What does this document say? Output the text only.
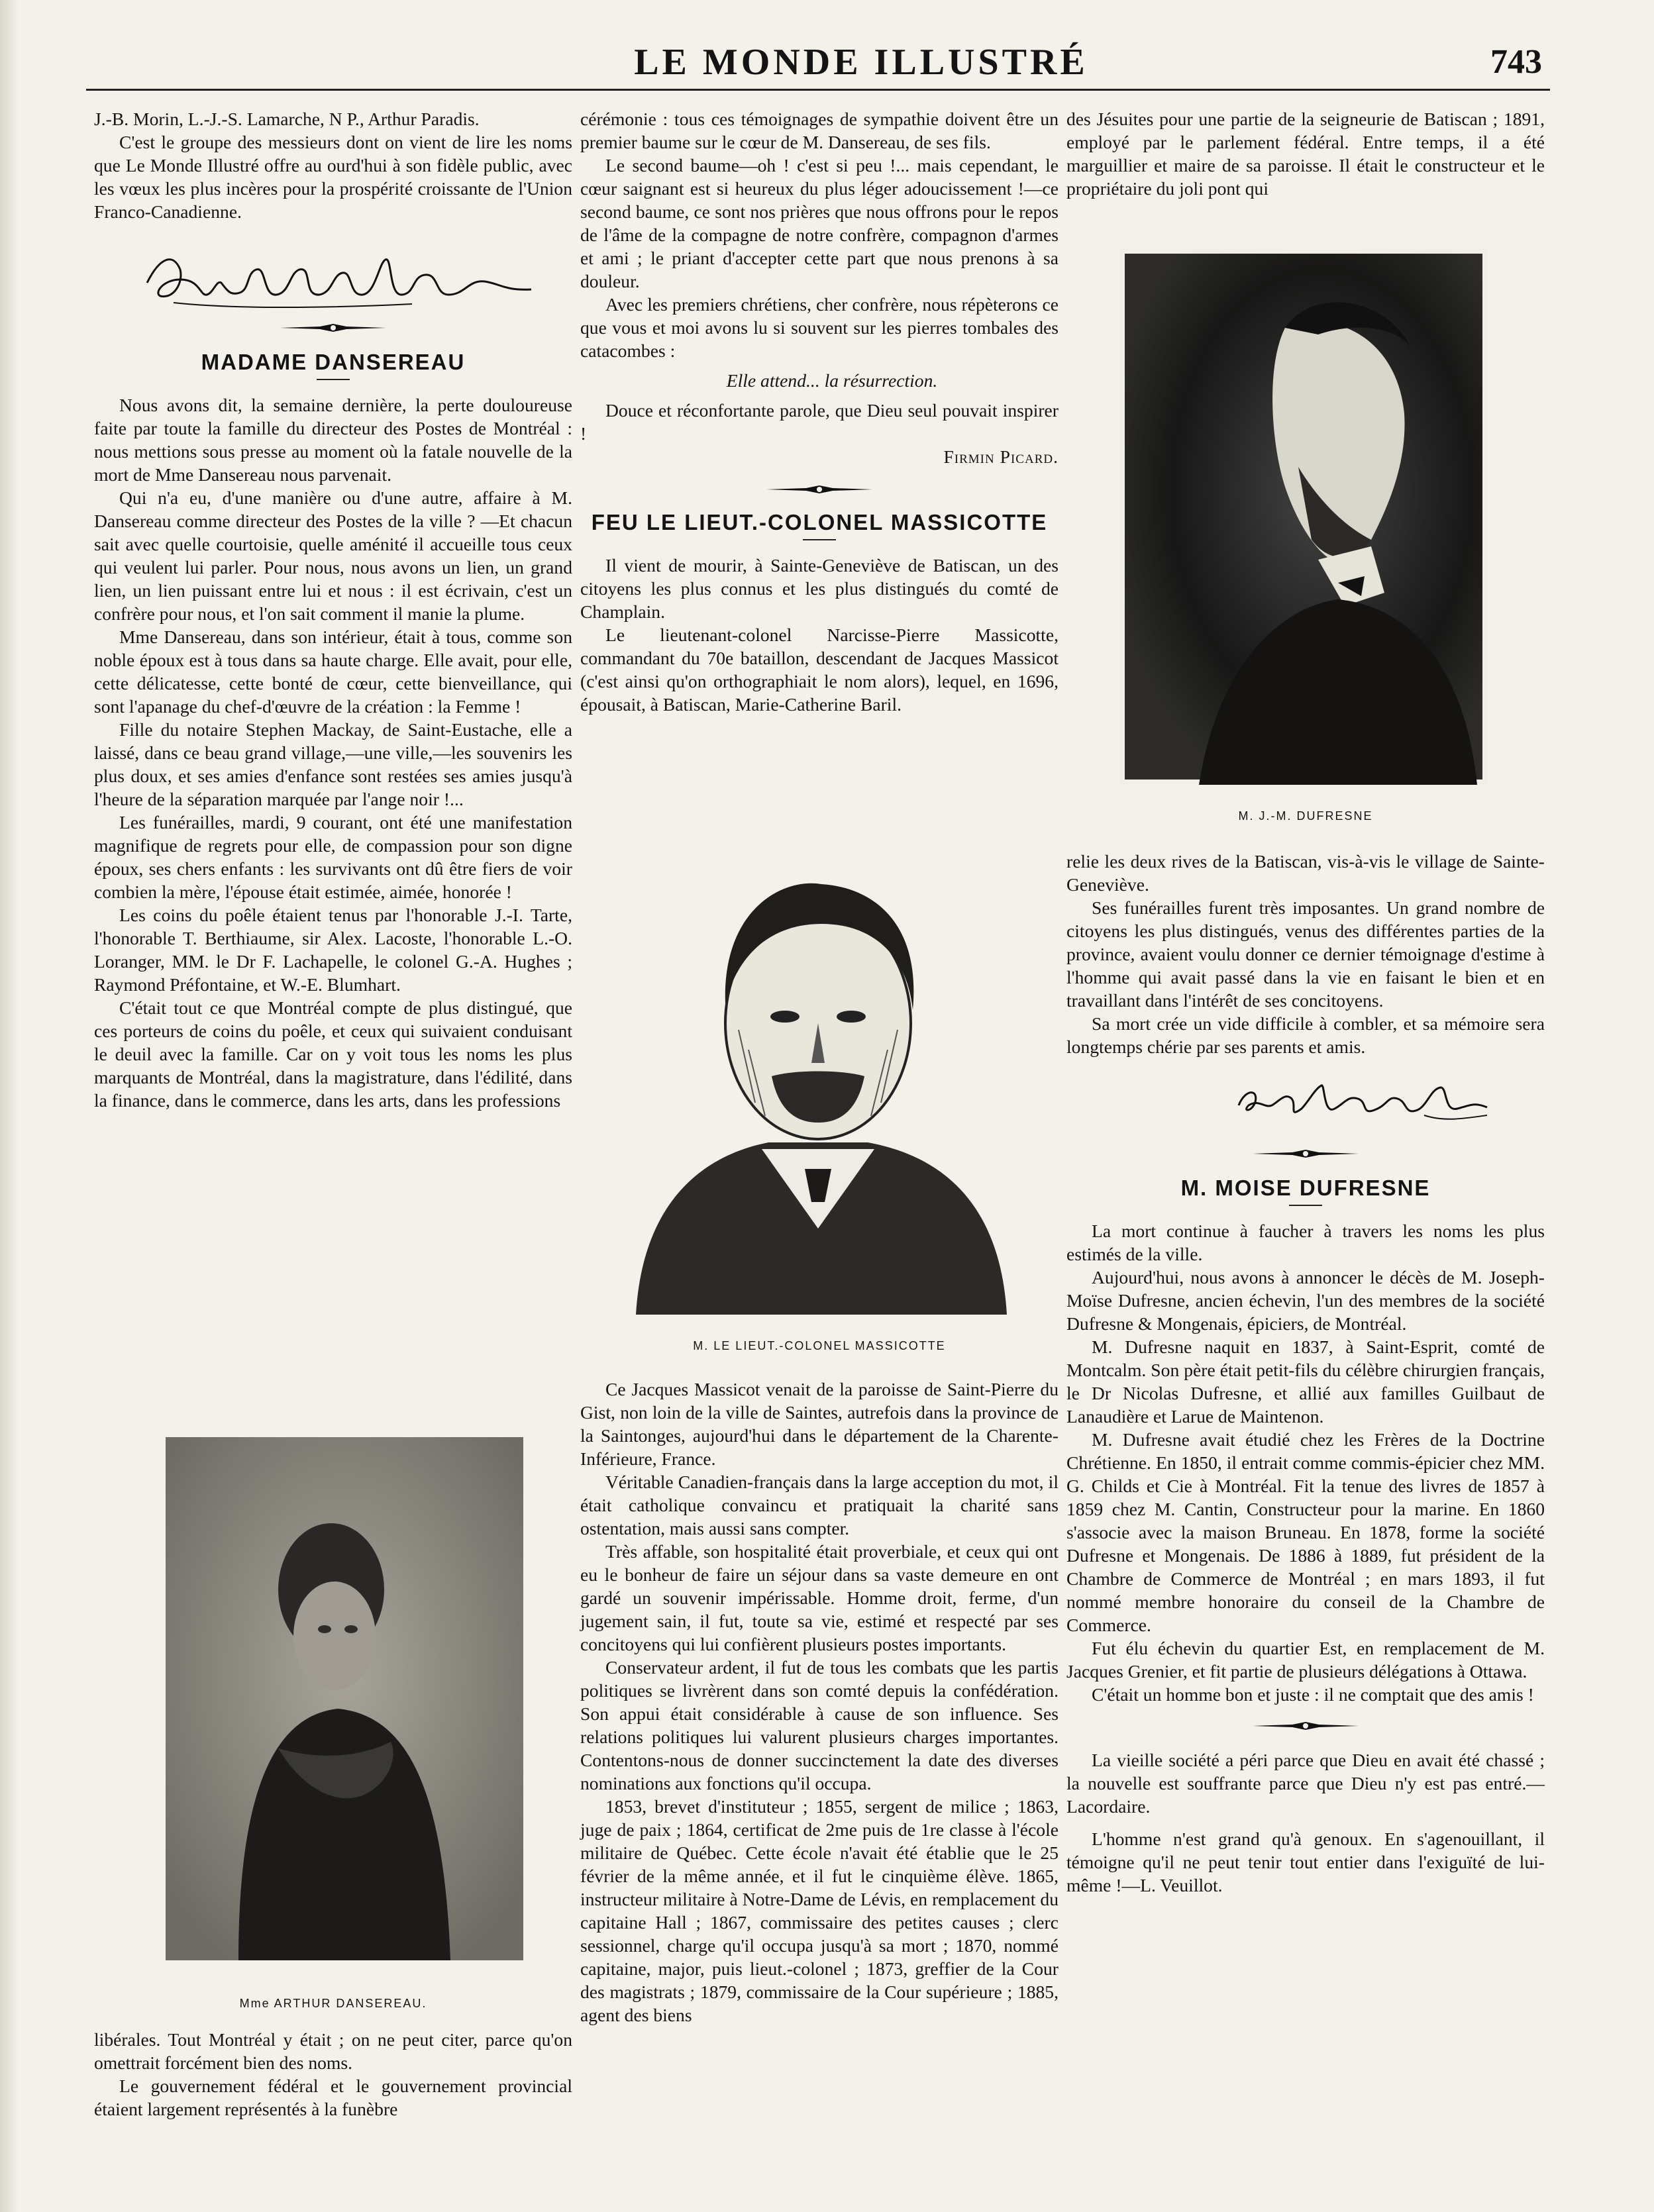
LE MONDE ILLUSTRÉ	743

J.-B. Morin, L.-J.-S. Lamarche, N P., Arthur Paradis.

C'est le groupe des messieurs dont on vient de lire les noms que Le Monde Illustré offre au ourd'hui à son fidèle public, avec les vœux les plus incères pour la prospérité croissante de l'Union Franco-Canadienne.

MADAME DANSEREAU

Nous avons dit, la semaine dernière, la perte douloureuse faite par toute la famille du directeur des Postes de Montréal : nous mettions sous presse au moment où la fatale nouvelle de la mort de Mme Dansereau nous parvenait.

Qui n'a eu, d'une manière ou d'une autre, affaire à M. Dansereau comme directeur des Postes de la ville ? —Et chacun sait avec quelle courtoisie, quelle aménité il accueille tous ceux qui veulent lui parler. Pour nous, nous avons un lien, un grand lien, un lien puissant entre lui et nous : il est écrivain, c'est un confrère pour nous, et l'on sait comment il manie la plume.

Mme Dansereau, dans son intérieur, était à tous, comme son noble époux est à tous dans sa haute charge. Elle avait, pour elle, cette délicatesse, cette bonté de cœur, cette bienveillance, qui sont l'apanage du chef-d'œuvre de la création : la Femme !

Fille du notaire Stephen Mackay, de Saint-Eustache, elle a laissé, dans ce beau grand village,—une ville,—les souvenirs les plus doux, et ses amies d'enfance sont restées ses amies jusqu'à l'heure de la séparation marquée par l'ange noir !...

Les funérailles, mardi, 9 courant, ont été une manifestation magnifique de regrets pour elle, de compassion pour son digne époux, ses chers enfants : les survivants ont dû être fiers de voir combien la mère, l'épouse était estimée, aimée, honorée !

Les coins du poêle étaient tenus par l'honorable J.-I. Tarte, l'honorable T. Berthiaume, sir Alex. Lacoste, l'honorable L.-O. Loranger, MM. le Dr F. Lachapelle, le colonel G.-A. Hughes ; Raymond Préfontaine, et W.-E. Blumhart.

C'était tout ce que Montréal compte de plus distingué, que ces porteurs de coins du poêle, et ceux qui suivaient conduisant le deuil avec la famille. Car on y voit tous les noms les plus marquants de Montréal, dans la magistrature, dans l'édilité, dans la finance, dans le commerce, dans les arts, dans les professions

Mme ARTHUR DANSEREAU.

libérales. Tout Montréal y était ; on ne peut citer, parce qu'on omettrait forcément bien des noms.

Le gouvernement fédéral et le gouvernement provincial étaient largement représentés à la funèbre

cérémonie : tous ces témoignages de sympathie doivent être un premier baume sur le cœur de M. Dansereau, de ses fils.

Le second baume—oh ! c'est si peu !... mais cependant, le cœur saignant est si heureux du plus léger adoucissement !—ce second baume, ce sont nos prières que nous offrons pour le repos de l'âme de la compagne de notre confrère, compagnon d'armes et ami ; le priant d'accepter cette part que nous prenons à sa douleur.

Avec les premiers chrétiens, cher confrère, nous répèterons ce que vous et moi avons lu si souvent sur les pierres tombales des catacombes :

Elle attend... la résurrection.

Douce et réconfortante parole, que Dieu seul pouvait inspirer !

Firmin Picard.

FEU LE LIEUT.-COLONEL MASSICOTTE

Il vient de mourir, à Sainte-Geneviève de Batiscan, un des citoyens les plus connus et les plus distingués du comté de Champlain.

Le lieutenant-colonel Narcisse-Pierre Massicotte, commandant du 70e bataillon, descendant de Jacques Massicot (c'est ainsi qu'on orthographiait le nom alors), lequel, en 1696, épousait, à Batiscan, Marie-Catherine Baril.

M. LE LIEUT.-COLONEL MASSICOTTE

Ce Jacques Massicot venait de la paroisse de Saint-Pierre du Gist, non loin de la ville de Saintes, autrefois dans la province de la Saintonges, aujourd'hui dans le département de la Charente-Inférieure, France.

Véritable Canadien-français dans la large acception du mot, il était catholique convaincu et pratiquait la charité sans ostentation, mais aussi sans compter.

Très affable, son hospitalité était proverbiale, et ceux qui ont eu le bonheur de faire un séjour dans sa vaste demeure en ont gardé un souvenir impérissable. Homme droit, ferme, d'un jugement sain, il fut, toute sa vie, estimé et respecté par ses concitoyens qui lui confièrent plusieurs postes importants.

Conservateur ardent, il fut de tous les combats que les partis politiques se livrèrent dans son comté depuis la confédération. Son appui était considérable à cause de son influence. Ses relations politiques lui valurent plusieurs charges importantes. Contentons-nous de donner succinctement la date des diverses nominations aux fonctions qu'il occupa.

1853, brevet d'instituteur ; 1855, sergent de milice ; 1863, juge de paix ; 1864, certificat de 2me puis de 1re classe à l'école militaire de Québec. Cette école n'avait été établie que le 25 février de la même année, et il fut le cinquième élève. 1865, instructeur militaire à Notre-Dame de Lévis, en remplacement du capitaine Hall ; 1867, commissaire des petites causes ; clerc sessionnel, charge qu'il occupa jusqu'à sa mort ; 1870, nommé capitaine, major, puis lieut.-colonel ; 1873, greffier de la Cour des magistrats ; 1879, commissaire de la Cour supérieure ; 1885, agent des biens

des Jésuites pour une partie de la seigneurie de Batiscan ; 1891, employé par le parlement fédéral. Entre temps, il a été marguillier et maire de sa paroisse. Il était le constructeur et le propriétaire du joli pont qui

M. J.-M. DUFRESNE

relie les deux rives de la Batiscan, vis-à-vis le village de Sainte-Geneviève.

Ses funérailles furent très imposantes. Un grand nombre de citoyens les plus distingués, venus des différentes parties de la province, avaient voulu donner ce dernier témoignage d'estime à l'homme qui avait passé dans la vie en faisant le bien et en travaillant dans l'intérêt de ses concitoyens.

Sa mort crée un vide difficile à combler, et sa mémoire sera longtemps chérie par ses parents et amis.

M. MOISE DUFRESNE

La mort continue à faucher à travers les noms les plus estimés de la ville.

Aujourd'hui, nous avons à annoncer le décès de M. Joseph-Moïse Dufresne, ancien échevin, l'un des membres de la société Dufresne & Mongenais, épiciers, de Montréal.

M. Dufresne naquit en 1837, à Saint-Esprit, comté de Montcalm. Son père était petit-fils du célèbre chirurgien français, le Dr Nicolas Dufresne, et allié aux familles Guilbaut de Lanaudière et Larue de Maintenon.

M. Dufresne avait étudié chez les Frères de la Doctrine Chrétienne. En 1850, il entrait comme commis-épicier chez MM. G. Childs et Cie à Montréal. Fit la tenue des livres de 1857 à 1859 chez M. Cantin, Constructeur pour la marine. En 1860 s'associe avec la maison Bruneau. En 1878, forme la société Dufresne et Mongenais. De 1886 à 1889, fut président de la Chambre de Commerce de Montréal ; en mars 1893, il fut nommé membre honoraire du conseil de la Chambre de Commerce.

Fut élu échevin du quartier Est, en remplacement de M. Jacques Grenier, et fit partie de plusieurs délégations à Ottawa.

C'était un homme bon et juste : il ne comptait que des amis !

La vieille société a péri parce que Dieu en avait été chassé ; la nouvelle est souffrante parce que Dieu n'y est pas entré.—Lacordaire.

L'homme n'est grand qu'à genoux. En s'agenouillant, il témoigne qu'il ne peut tenir tout entier dans l'exiguïté de lui-même !—L. Veuillot.
